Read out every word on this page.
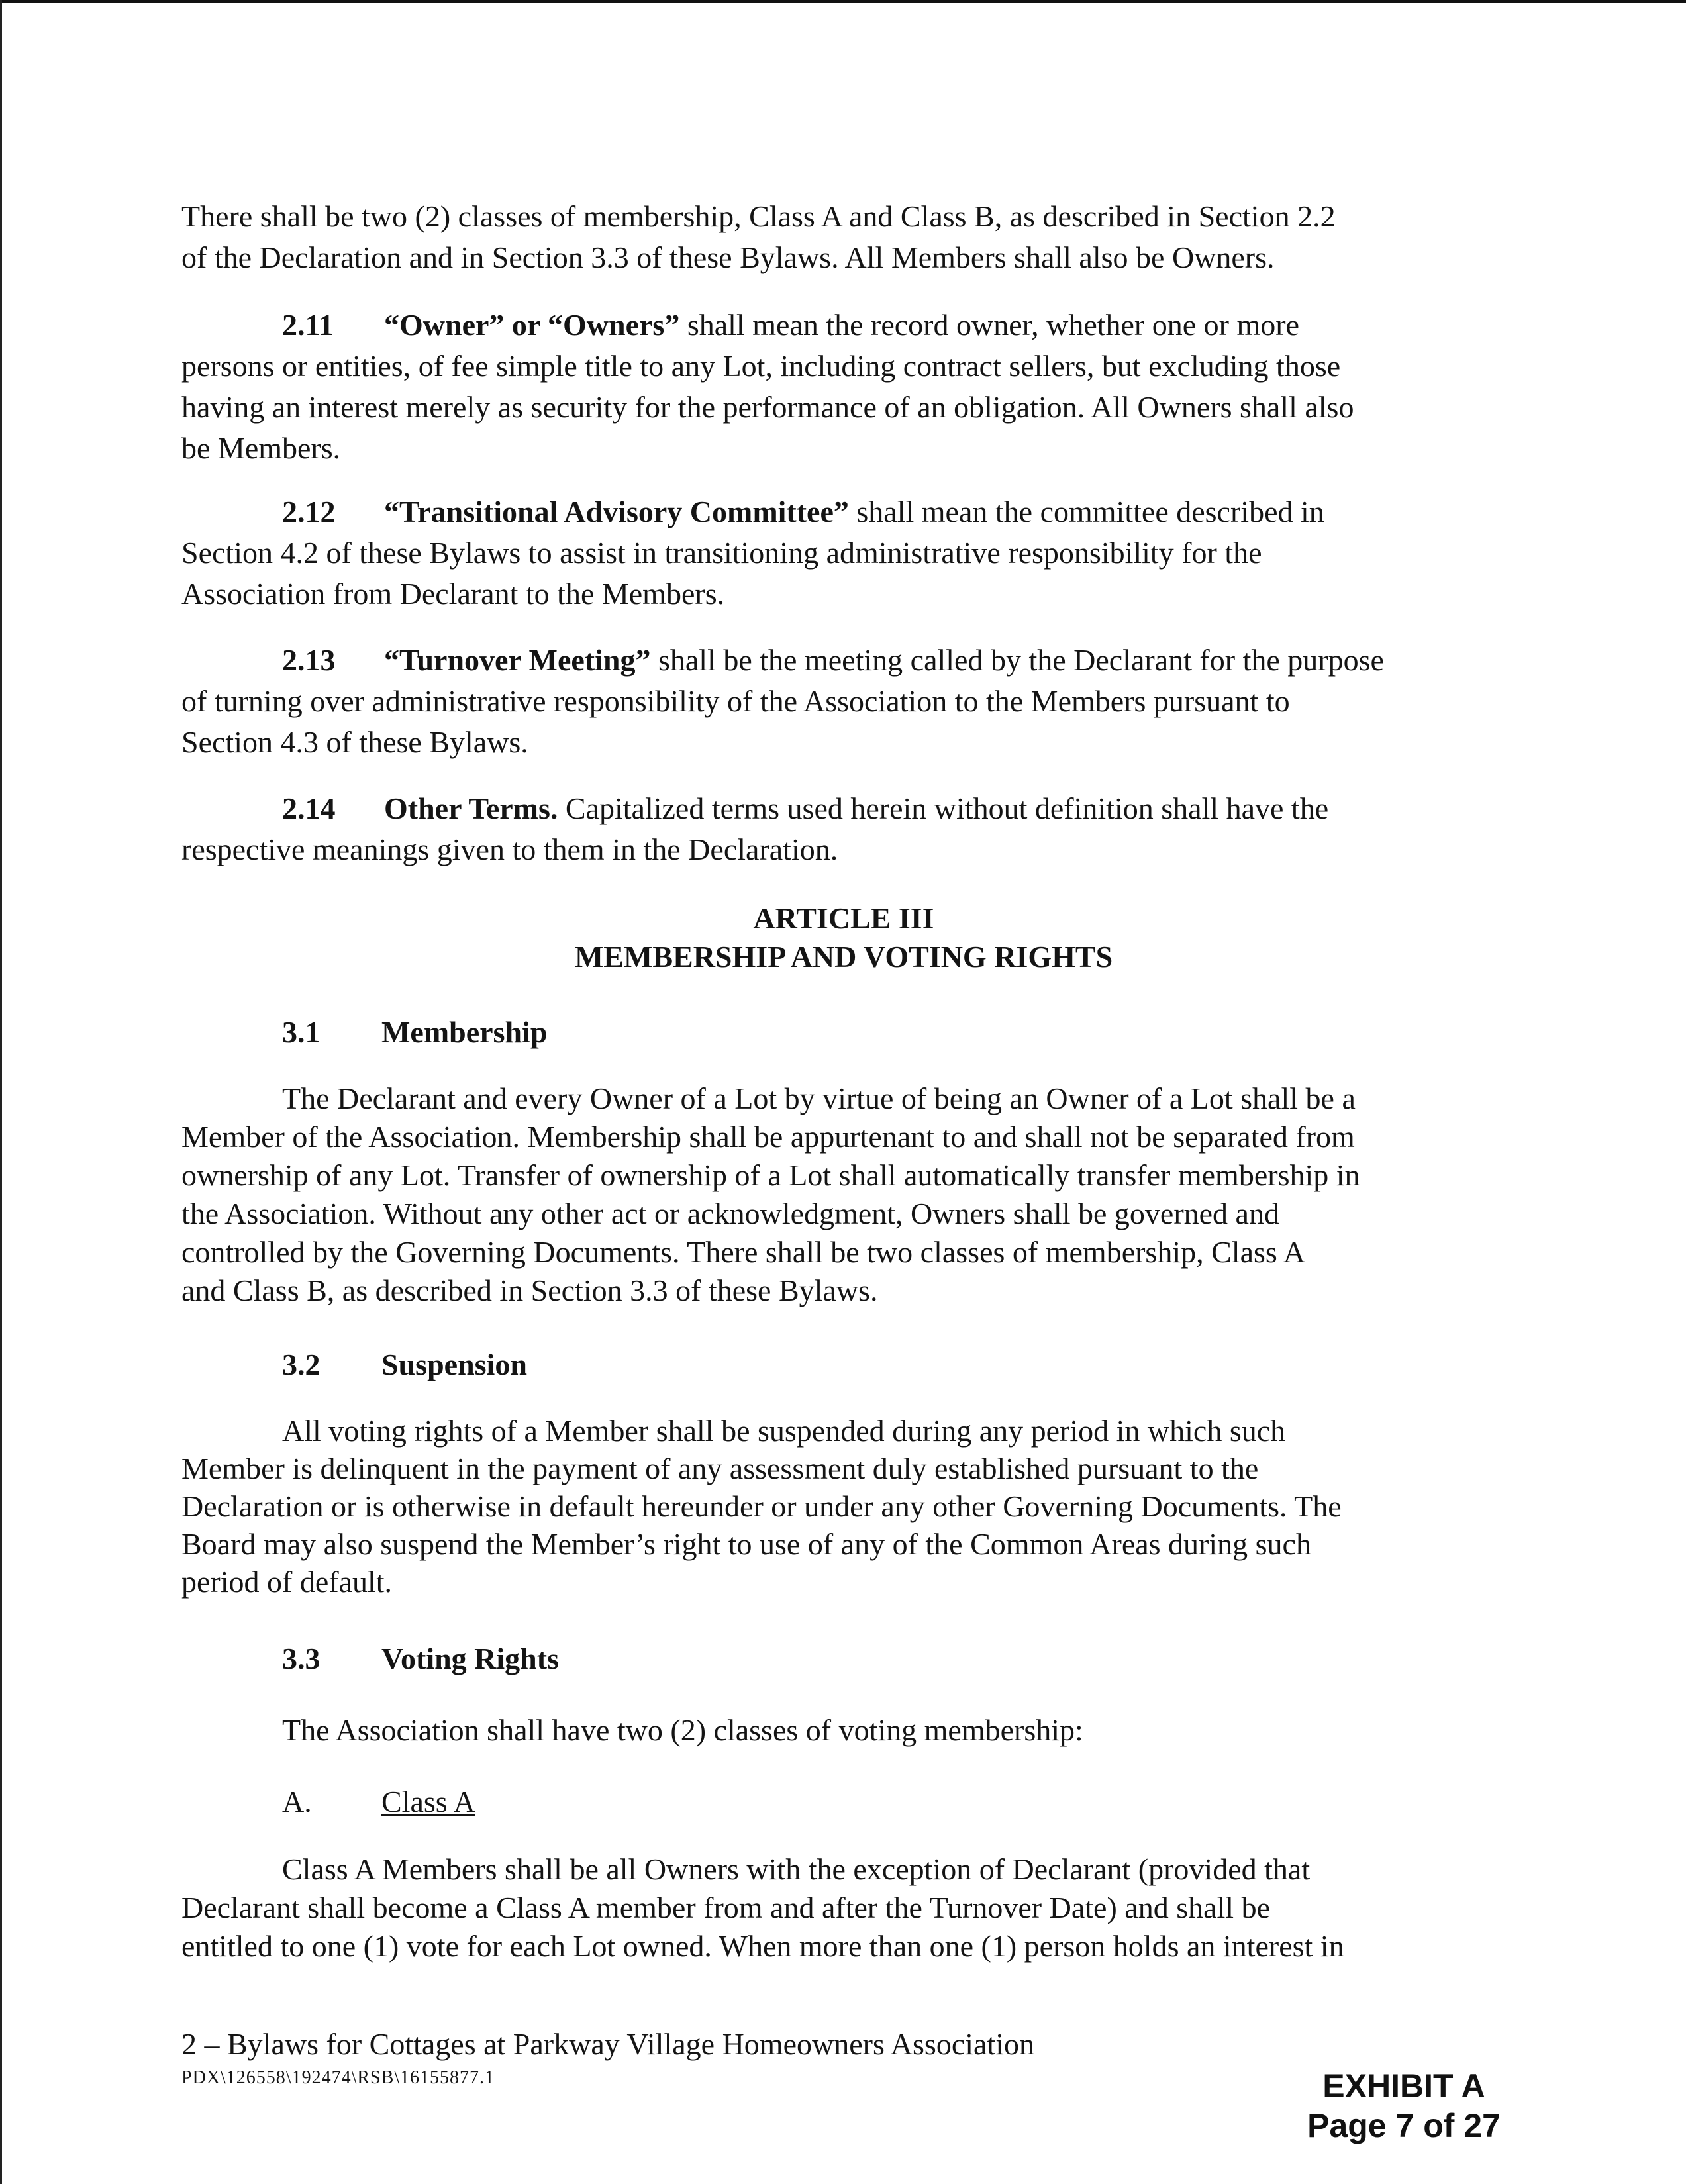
There shall be two (2) classes of membership, Class A and Class B, as described in Section 2.2
of the Declaration and in Section 3.3 of these Bylaws. All Members shall also be Owners.
2.11 “Owner” or “Owners” shall mean the record owner, whether one or more
persons or entities, of fee simple title to any Lot, including contract sellers, but excluding those
having an interest merely as security for the performance of an obligation. All Owners shall also
be Members.
2.12 “Transitional Advisory Committee” shall mean the committee described in
Section 4.2 of these Bylaws to assist in transitioning administrative responsibility for the
Association from Declarant to the Members.
2.13 “Turnover Meeting” shall be the meeting called by the Declarant for the purpose
of turning over administrative responsibility of the Association to the Members pursuant to
Section 4.3 of these Bylaws.
2.14 Other Terms. Capitalized terms used herein without definition shall have the
respective meanings given to them in the Declaration.
ARTICLE III
MEMBERSHIP AND VOTING RIGHTS
3.1 Membership
The Declarant and every Owner of a Lot by virtue of being an Owner of a Lot shall be a
Member of the Association. Membership shall be appurtenant to and shall not be separated from
ownership of any Lot. Transfer of ownership of a Lot shall automatically transfer membership in
the Association. Without any other act or acknowledgment, Owners shall be governed and
controlled by the Governing Documents. There shall be two classes of membership, Class A
and Class B, as described in Section 3.3 of these Bylaws.
3.2 Suspension
All voting rights of a Member shall be suspended during any period in which such
Member is delinquent in the payment of any assessment duly established pursuant to the
Declaration or is otherwise in default hereunder or under any other Governing Documents. The
Board may also suspend the Member’s right to use of any of the Common Areas during such
period of default.
3.3 Voting Rights
The Association shall have two (2) classes of voting membership:
A. Class A
Class A Members shall be all Owners with the exception of Declarant (provided that
Declarant shall become a Class A member from and after the Turnover Date) and shall be
entitled to one (1) vote for each Lot owned. When more than one (1) person holds an interest in
2 – Bylaws for Cottages at Parkway Village Homeowners Association
PDX\126558\192474\RSB\16155877.1	EXHIBIT A
Page 7 of 27
